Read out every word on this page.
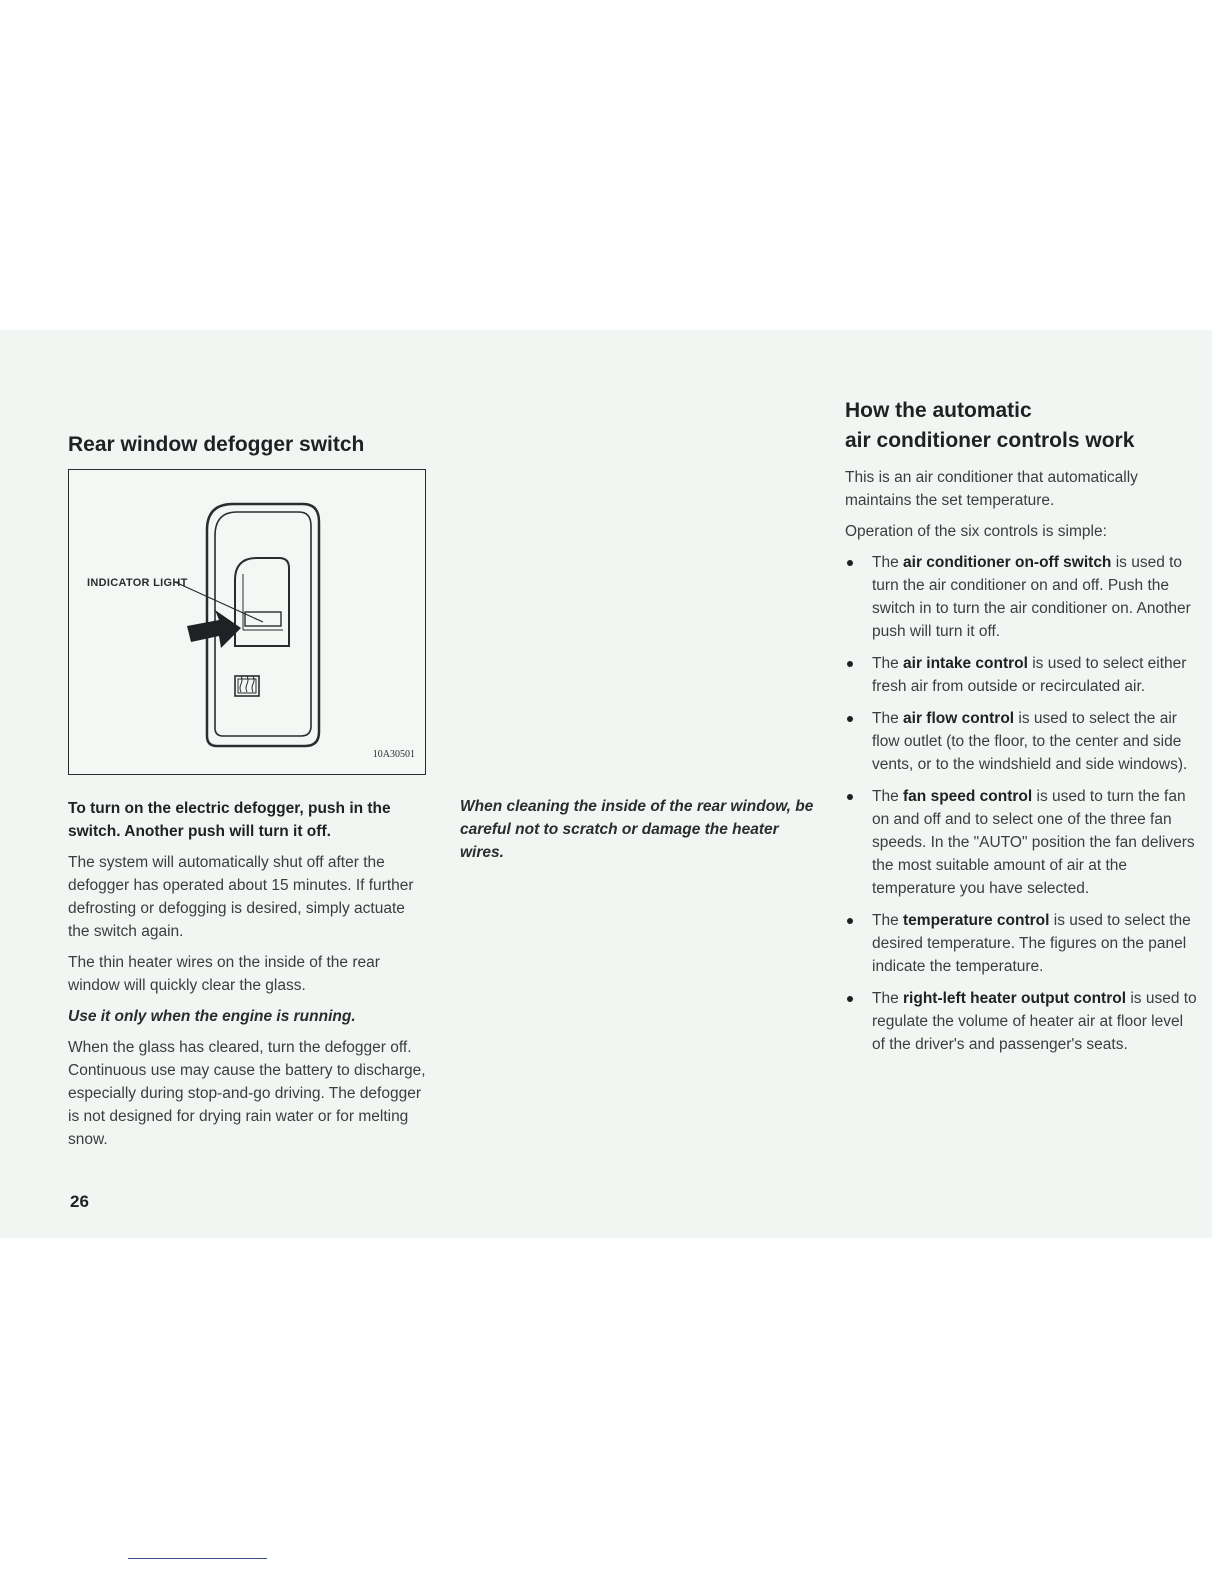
Rear window defogger switch
INDICATOR LIGHT
10A30501

To turn on the electric defogger, push in the switch. Another push will turn it off.

The system will automatically shut off after the defogger has operated about 15 minutes. If further defrosting or defogging is desired, simply actuate the switch again.

The thin heater wires on the inside of the rear window will quickly clear the glass.

Use it only when the engine is running.

When the glass has cleared, turn the defogger off. Continuous use may cause the battery to discharge, especially during stop-and-go driving. The defogger is not designed for drying rain water or for melting snow.

When cleaning the inside of the rear window, be careful not to scratch or damage the heater wires.

How the automatic
air conditioner controls work

This is an air conditioner that automatically maintains the set temperature.

Operation of the six controls is simple:

The air conditioner on-off switch is used to turn the air conditioner on and off. Push the switch in to turn the air conditioner on. Another push will turn it off.
The air intake control is used to select either fresh air from outside or recirculated air.
The air flow control is used to select the air flow outlet (to the floor, to the center and side vents, or to the windshield and side windows).
The fan speed control is used to turn the fan on and off and to select one of the three fan speeds. In the "AUTO" position the fan delivers the most suitable amount of air at the temperature you have selected.
The temperature control is used to select the desired temperature. The figures on the panel indicate the temperature.
The right-left heater output control is used to regulate the volume of heater air at floor level of the driver's and passenger's seats.
26
